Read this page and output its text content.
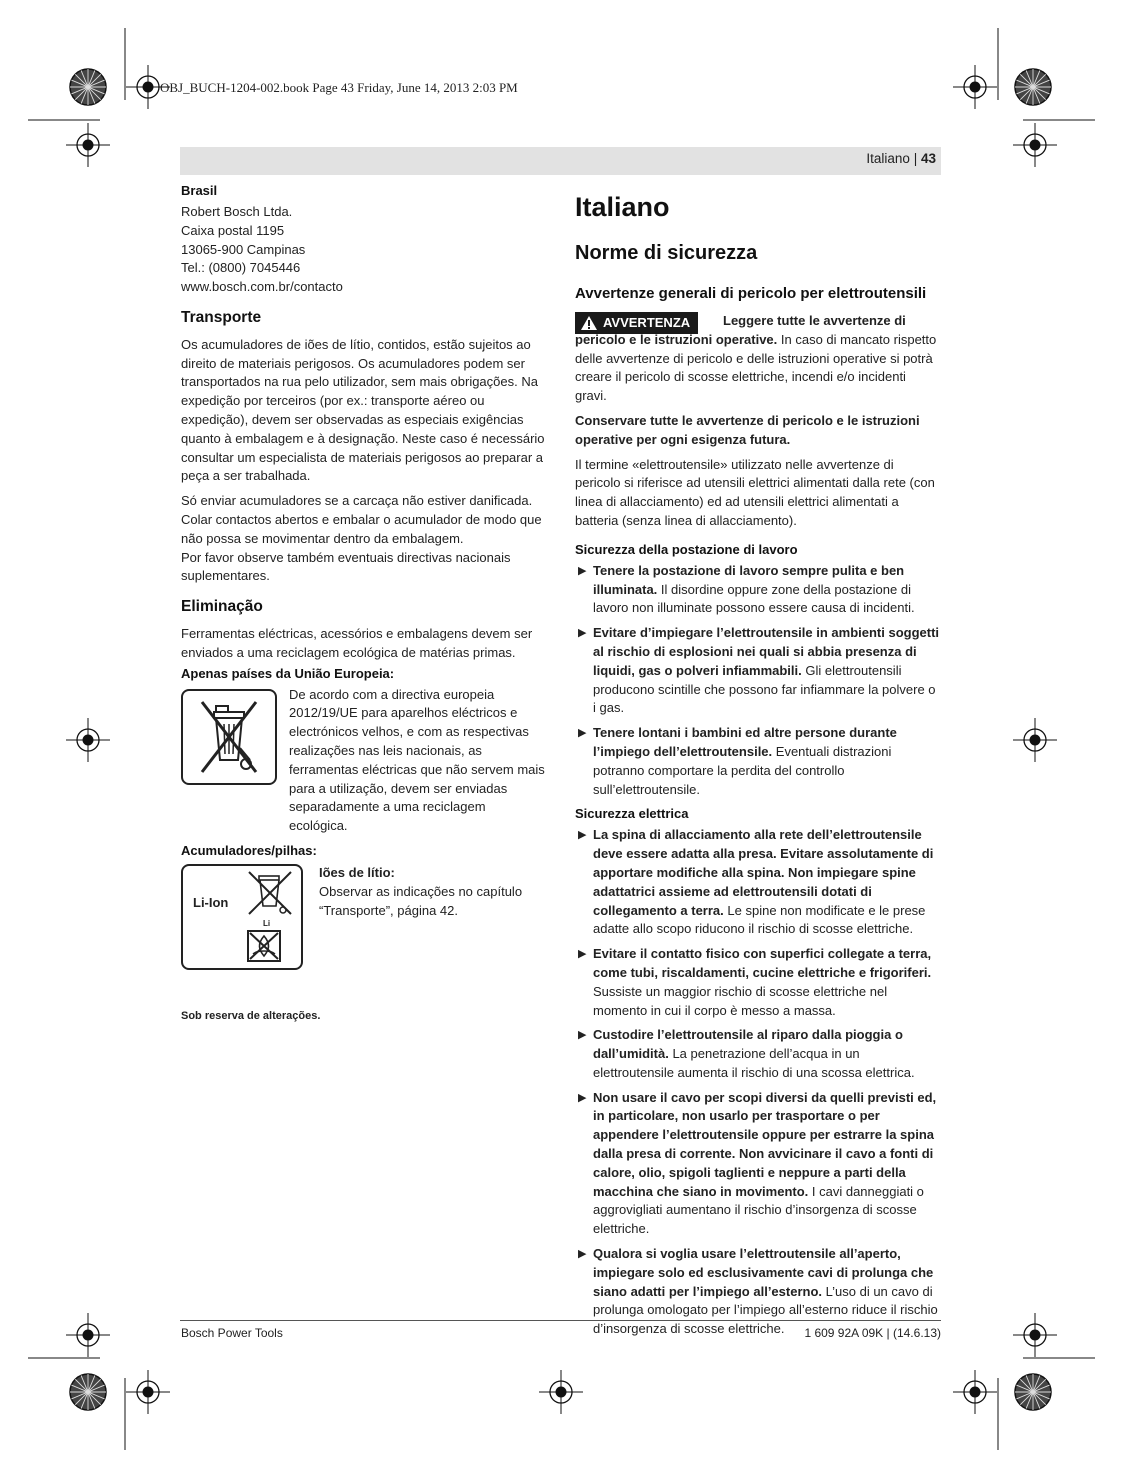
OBJ_BUCH-1204-002.book Page 43 Friday, June 14, 2013 2:03 PM
Italiano | 43
Brasil
Robert Bosch Ltda.
Caixa postal 1195
13065-900 Campinas
Tel.: (0800) 7045446
www.bosch.com.br/contacto
Transporte

Os acumuladores de iões de lítio, contidos, estão sujeitos ao direito de materiais perigosos. Os acumuladores podem ser transportados na rua pelo utilizador, sem mais obrigações. Na expedição por terceiros (por ex.: transporte aéreo ou expedição), devem ser observadas as especiais exigências quanto à embalagem e à designação. Neste caso é necessário consultar um especialista de materiais perigosos ao preparar a peça a ser trabalhada.

Só enviar acumuladores se a carcaça não estiver danificada. Colar contactos abertos e embalar o acumulador de modo que não possa se movimentar dentro da embalagem.

Por favor observe também eventuais directivas nacionais suplementares.

Eliminação

Ferramentas eléctricas, acessórios e embalagens devem ser enviados a uma reciclagem ecológica de matérias primas.

Apenas países da União Europeia:
De acordo com a directiva europeia 2012/19/UE para aparelhos eléctricos e electrónicos velhos, e com as respectivas realizações nas leis nacionais, as ferramentas eléctricas que não servem mais para a utilização, devem ser enviadas separadamente a uma reciclagem ecológica.
Acumuladores/pilhas:
Li-Ion
Li
Iões de lítio:
Observar as indicações no capítulo “Transporte”, página 42.
Sob reserva de alterações.
Italiano
Norme di sicurezza
Avvertenze generali di pericolo per elettroutensili
AVVERTENZA	Leggere tutte le avvertenze di pericolo e le istruzioni operative. In caso di mancato rispetto delle avvertenze di pericolo e delle istruzioni operative si potrà creare il pericolo di scosse elettriche, incendi e/o incidenti gravi.

Conservare tutte le avvertenze di pericolo e le istruzioni operative per ogni esigenza futura.

Il termine «elettroutensile» utilizzato nelle avvertenze di pericolo si riferisce ad utensili elettrici alimentati dalla rete (con linea di allacciamento) ed ad utensili elettrici alimentati a batteria (senza linea di allacciamento).

Sicurezza della postazione di lavoro
▶ Tenere la postazione di lavoro sempre pulita e ben illuminata. Il disordine oppure zone della postazione di lavoro non illuminate possono essere causa di incidenti.
▶ Evitare d’impiegare l’elettroutensile in ambienti soggetti al rischio di esplosioni nei quali si abbia presenza di liquidi, gas o polveri infiammabili. Gli elettroutensili producono scintille che possono far infiammare la polvere o i gas.
▶ Tenere lontani i bambini ed altre persone durante l’impiego dell’elettroutensile. Eventuali distrazioni potranno comportare la perdita del controllo sull’elettroutensile.
Sicurezza elettrica
▶ La spina di allacciamento alla rete dell’elettroutensile deve essere adatta alla presa. Evitare assolutamente di apportare modifiche alla spina. Non impiegare spine adattatrici assieme ad elettroutensili dotati di collegamento a terra. Le spine non modificate e le prese adatte allo scopo riducono il rischio di scosse elettriche.
▶ Evitare il contatto fisico con superfici collegate a terra, come tubi, riscaldamenti, cucine elettriche e frigoriferi. Sussiste un maggior rischio di scosse elettriche nel momento in cui il corpo è messo a massa.
▶ Custodire l’elettroutensile al riparo dalla pioggia o dall’umidità. La penetrazione dell’acqua in un elettroutensile aumenta il rischio di una scossa elettrica.
▶ Non usare il cavo per scopi diversi da quelli previsti ed, in particolare, non usarlo per trasportare o per appendere l’elettroutensile oppure per estrarre la spina dalla presa di corrente. Non avvicinare il cavo a fonti di calore, olio, spigoli taglienti e neppure a parti della macchina che siano in movimento. I cavi danneggiati o aggrovigliati aumentano il rischio d’insorgenza di scosse elettriche.
▶ Qualora si voglia usare l’elettroutensile all’aperto, impiegare solo ed esclusivamente cavi di prolunga che siano adatti per l’impiego all’esterno. L’uso di un cavo di prolunga omologato per l’impiego all’esterno riduce il rischio d’insorgenza di scosse elettriche.
Bosch Power Tools	1 609 92A 09K | (14.6.13)
